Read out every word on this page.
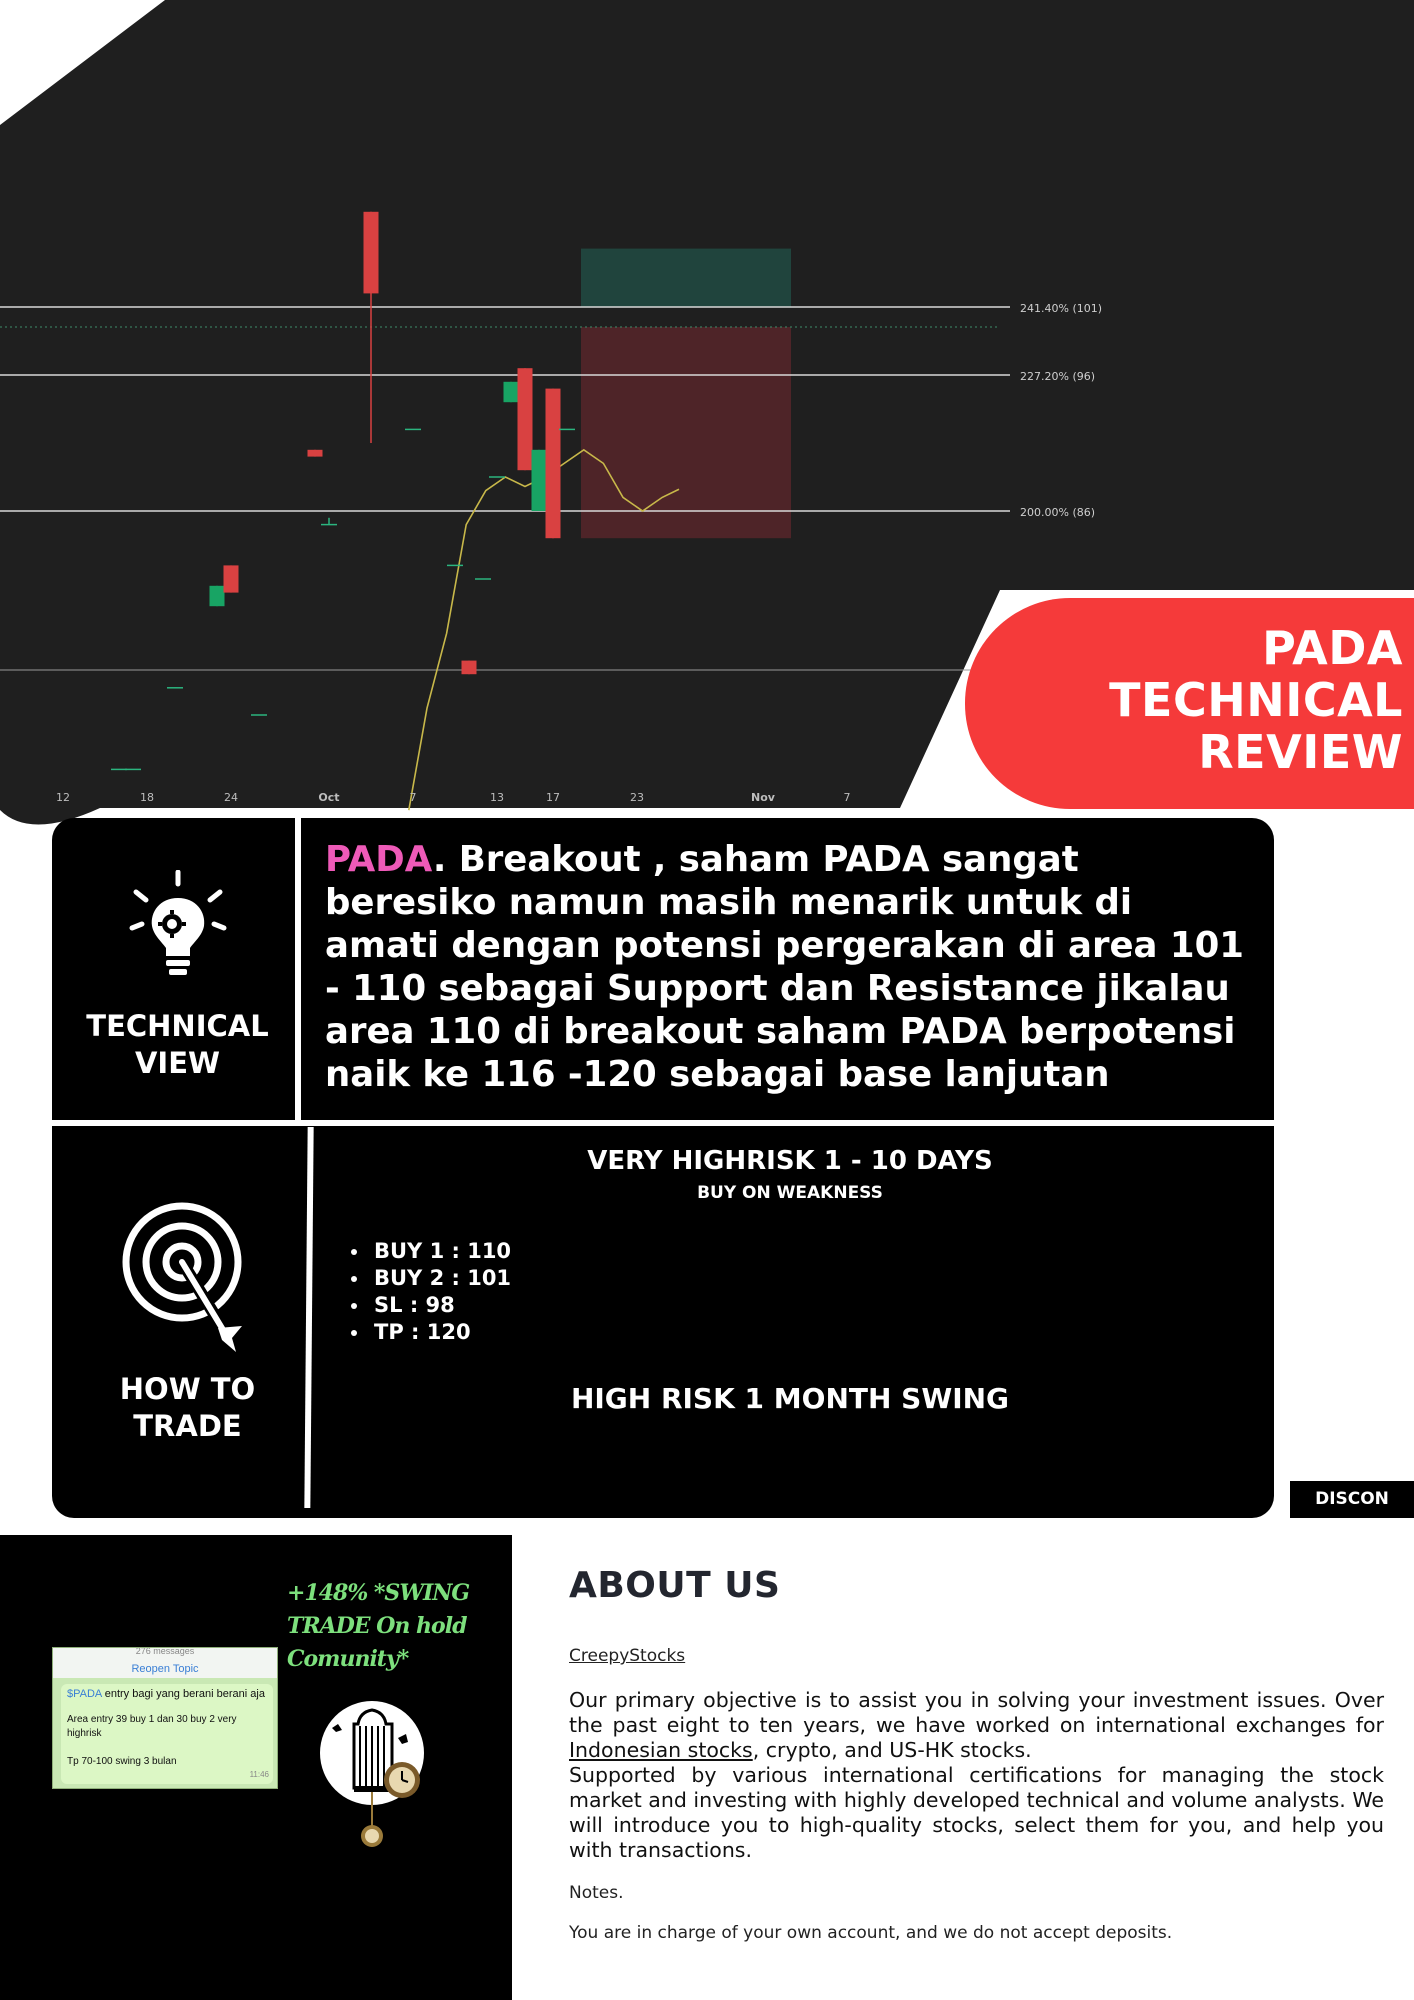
241.40% (101)
227.20% (96)
200.00% (86)
12	18	24	Oct	7	13	17	23	Nov	7
PADA
TECHNICAL
REVIEW
TECHNICAL
VIEW
PADA. Breakout , saham PADA sangat beresiko namun masih menarik untuk di amati dengan potensi pergerakan di area 101 - 110 sebagai Support dan Resistance jikalau area 110 di breakout saham PADA berpotensi naik ke 116 -120 sebagai base lanjutan
HOW TO
TRADE
VERY HIGHRISK 1 - 10 DAYS
BUY ON WEAKNESS
• BUY 1 : 110
• BUY 2 : 101
• SL : 98
• TP : 120
HIGH RISK 1 MONTH SWING
DISCON
+148% *SWING TRADE On hold Comunity*
276 messages
Reopen Topic
$PADA entry bagi yang berani berani aja
Area entry 39 buy 1 dan 30 buy 2 very
highrisk
Tp 70-100 swing 3 bulan
11:46
ABOUT US
CreepyStocks
Our primary objective is to assist you in solving your investment issues. Over the past eight to ten years, we have worked on international exchanges for Indonesian stocks, crypto, and US-HK stocks.
Supported by various international certifications for managing the stock market and investing with highly developed technical and volume analysts. We will introduce you to high-quality stocks, select them for you, and help you with transactions.
Notes.
You are in charge of your own account, and we do not accept deposits.
